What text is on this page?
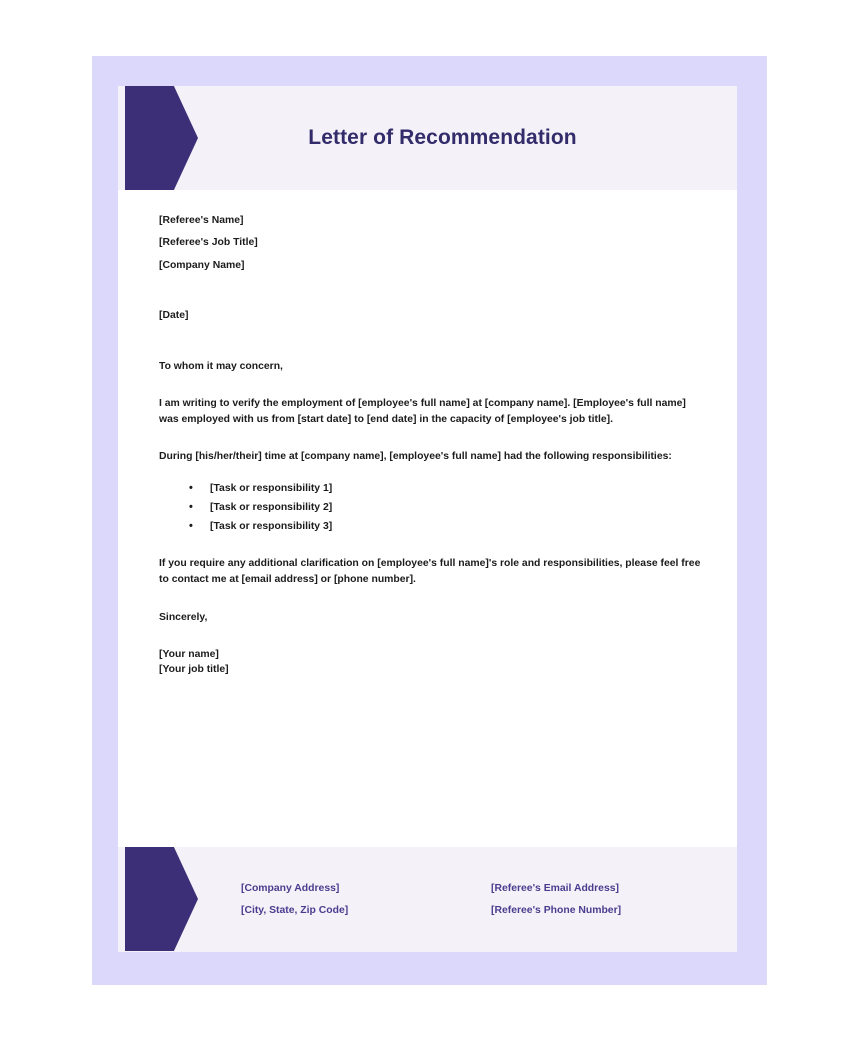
Letter of Recommendation
[Referee's Name]
[Referee's Job Title]
[Company Name]
[Date]
To whom it may concern,
I am writing to verify the employment of [employee's full name] at [company name]. [Employee's full name] was employed with us from [start date] to [end date] in the capacity of [employee's job title].
During [his/her/their] time at [company name], [employee's full name] had the following responsibilities:
• [Task or responsibility 1]
• [Task or responsibility 2]
• [Task or responsibility 3]
If you require any additional clarification on [employee's full name]'s role and responsibilities, please feel free to contact me at [email address] or [phone number].
Sincerely,
[Your name]
[Your job title]
[Company Address]
[City, State, Zip Code]
[Referee's Email Address]
[Referee's Phone Number]
